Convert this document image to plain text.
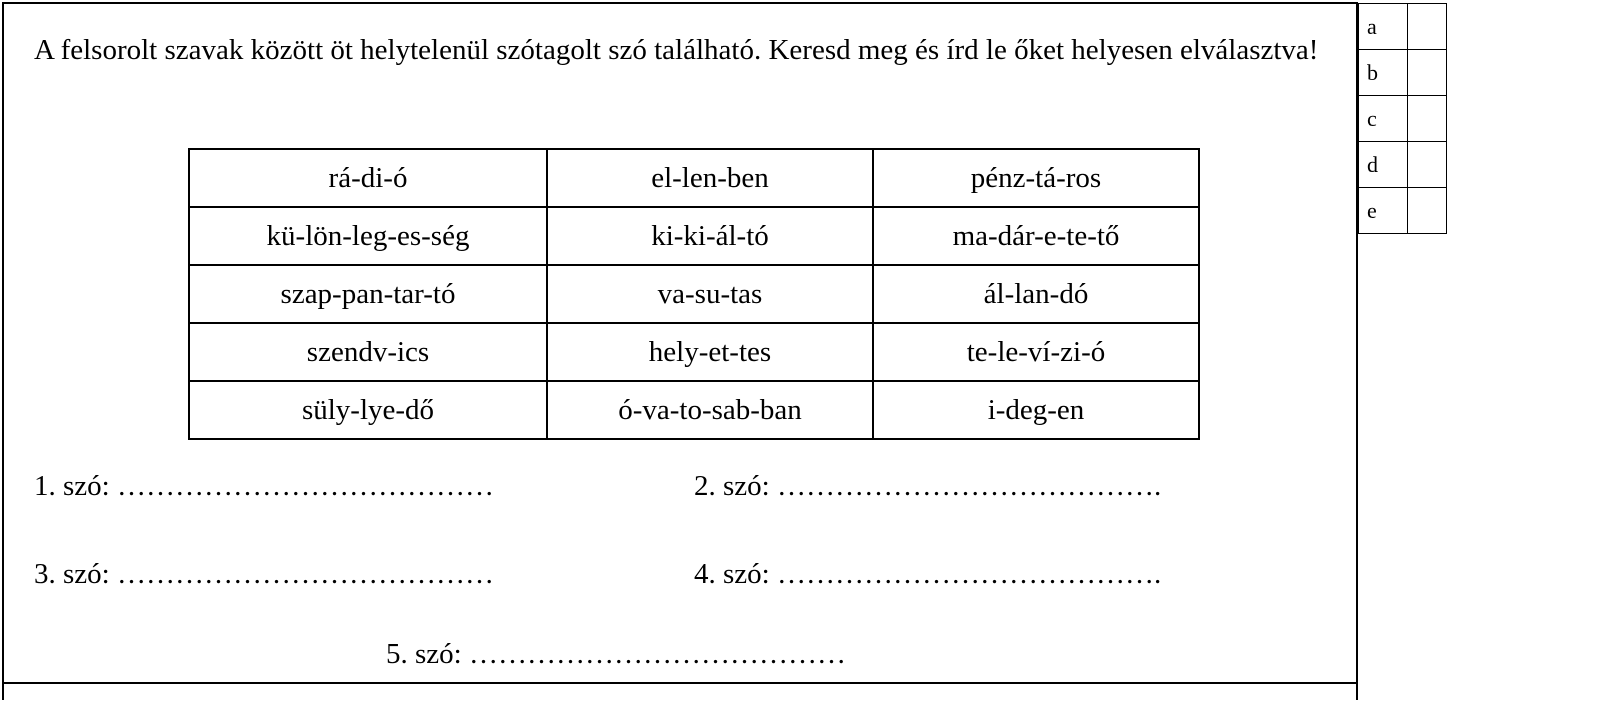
A felsorolt szavak között öt helytelenül szótagolt szó található. Keresd meg és írd le őket helyesen elválasztva!

rá-di-ó	el-len-ben	pénz-tá-ros
kü-lön-leg-es-ség	ki-ki-ál-tó	ma-dár-e-te-tő
szap-pan-tar-tó	va-su-tas	ál-lan-dó
szendv-ics	hely-et-tes	te-le-ví-zi-ó
süly-lye-dő	ó-va-to-sab-ban	i-deg-en
1. szó: …………………………………	2. szó: ………………………………….
3. szó: …………………………………	4. szó: ………………………………….
5. szó: …………………………………
a	
b	
c	
d	
e	
